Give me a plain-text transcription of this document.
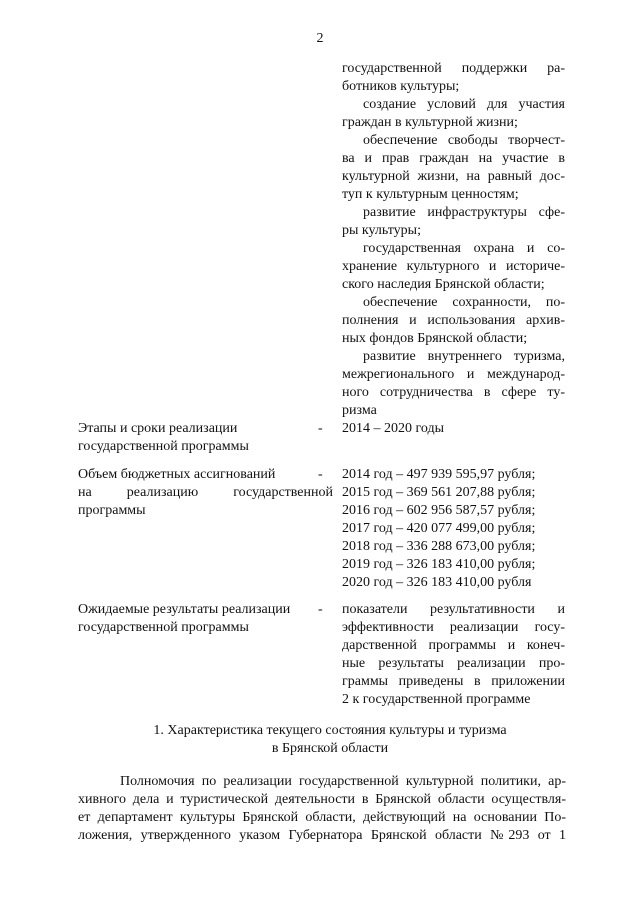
2

государственной поддержки ра-

ботников культуры;

создание условий для участия

граждан в культурной жизни;

обеспечение свободы творчест-

ва и прав граждан на участие в

культурной жизни, на равный дос-

туп к культурным ценностям;

развитие инфраструктуры сфе-

ры культуры;

государственная охрана и со-

хранение культурного и историче-

ского наследия Брянской области;

обеспечение сохранности, по-

полнения и использования архив-

ных фондов Брянской области;

развитие внутреннего туризма,

межрегионального и международ-

ного сотрудничества в сфере ту-

ризма

Этапы и сроки реализации

государственной программы

- 2014 – 2020 годы

Объем бюджетных ассигнований

на реализацию государственной

программы

- 2014 год – 497 939 595,97 рубля;

2015 год – 369 561 207,88 рубля;

2016 год – 602 956 587,57 рубля;

2017 год – 420 077 499,00 рубля;

2018 год – 336 288 673,00 рубля;

2019 год – 326 183 410,00 рубля;

2020 год – 326 183 410,00 рубля

Ожидаемые результаты реализации

государственной программы

- показатели результативности и

эффективности реализации госу-

дарственной программы и конеч-

ные результаты реализации про-

граммы приведены в приложении

2 к государственной программе

1. Характеристика текущего состояния культуры и туризма
в Брянской области

Полномочия по реализации государственной культурной политики, ар-

хивного дела и туристической деятельности в Брянской области осуществля-

ет департамент культуры Брянской области, действующий на основании По-

ложения, утвержденного указом Губернатора Брянской области №293 от 1
